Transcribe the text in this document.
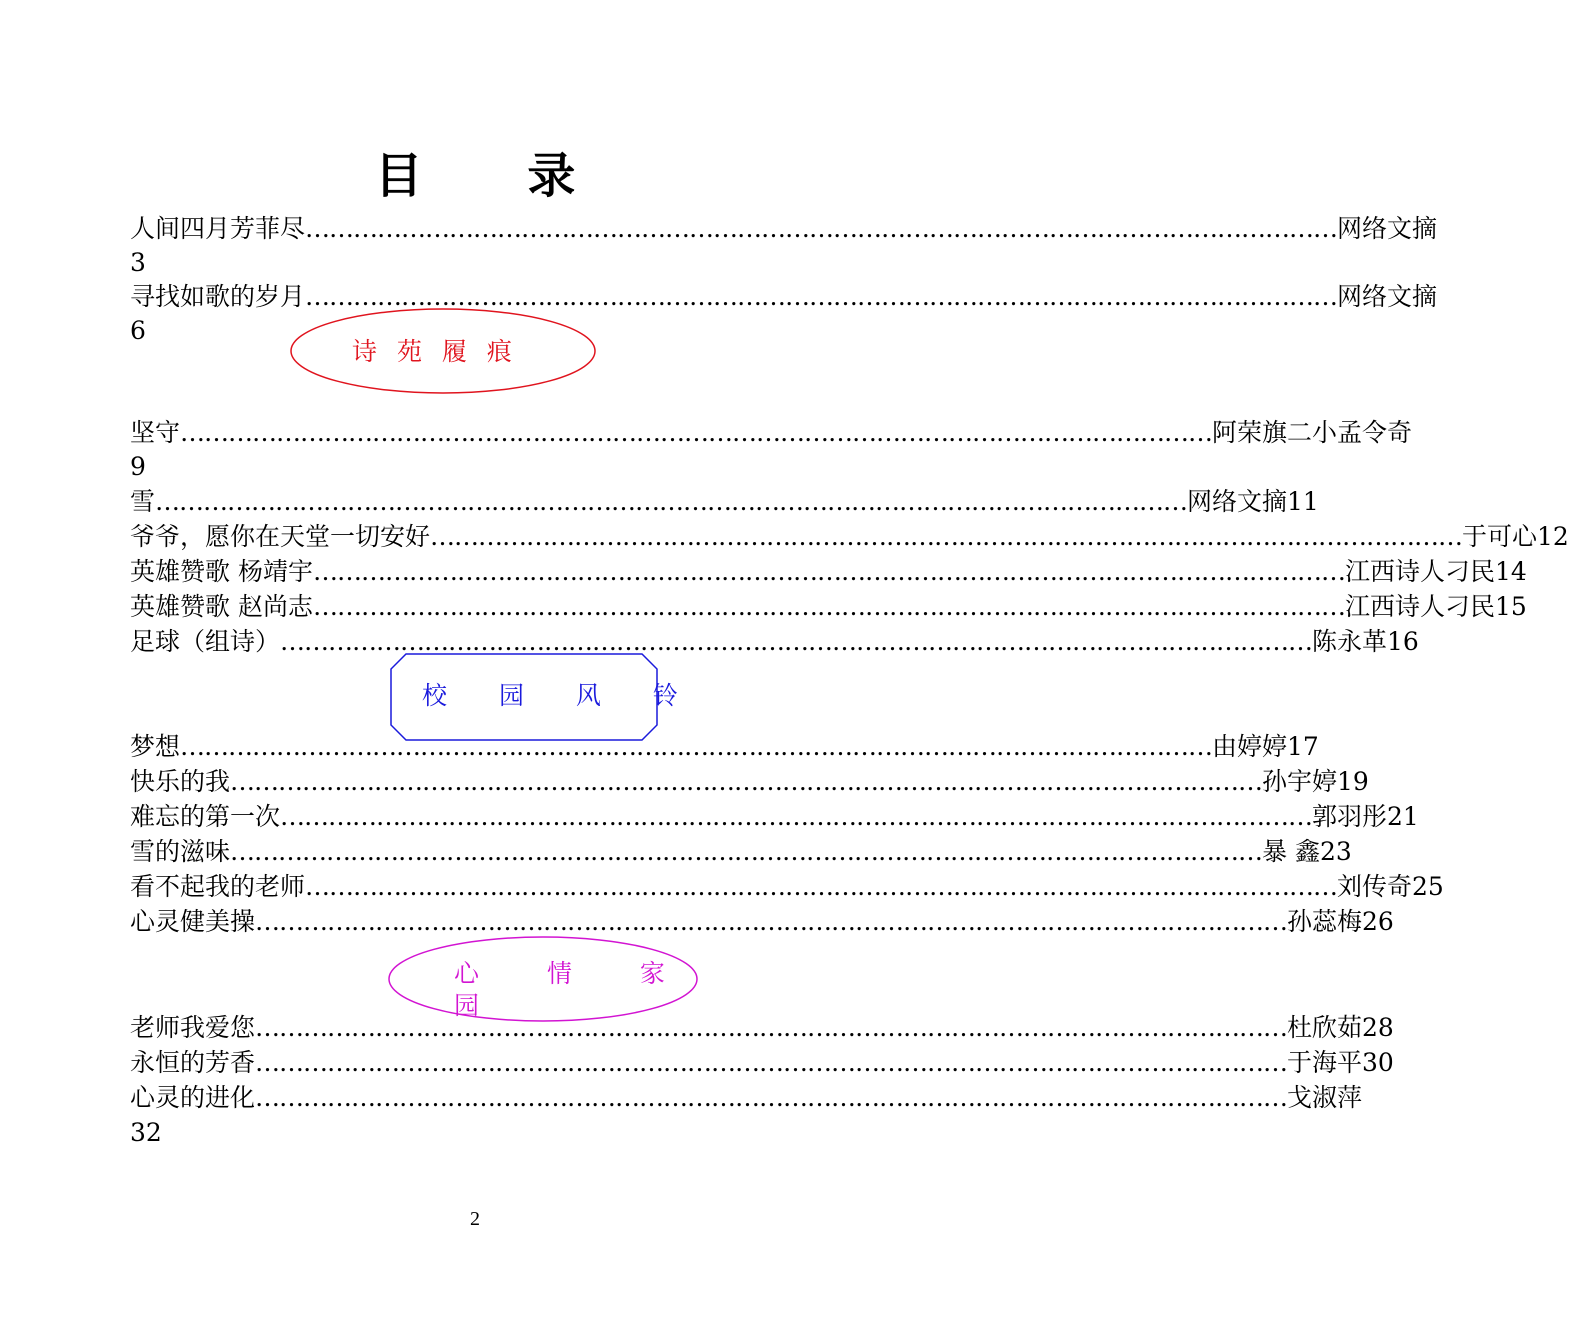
目 录
人间四月芳菲尽 ………………………………………………………………………………………………………………… 网络文摘
3
寻找如歌的岁月 ………………………………………………………………………………………………………………… 网络文摘
6
诗 苑 履 痕
坚守 ………………………………………………………………………………………………………………… 阿荣旗二小孟令奇
9
雪 ………………………………………………………………………………………………………………… 网络文摘 11
爷爷，愿你在天堂一切安好 ………………………………………………………………………………………………………………… 于可心 12
英雄赞歌 杨靖宇 ………………………………………………………………………………………………………………… 江西诗人刁民 14
英雄赞歌 赵尚志 ………………………………………………………………………………………………………………… 江西诗人刁民 15
足球（组诗） ………………………………………………………………………………………………………………… 陈永革 16
校 园 风 铃
梦想 ………………………………………………………………………………………………………………… 由婷婷 17
快乐的我 ………………………………………………………………………………………………………………… 孙宇婷 19
难忘的第一次 ………………………………………………………………………………………………………………… 郭羽彤 21
雪的滋味 ………………………………………………………………………………………………………………… 暴 鑫 23
看不起我的老师 ………………………………………………………………………………………………………………… 刘传奇 25
心灵健美操 ………………………………………………………………………………………………………………… 孙蕊梅 26
心 情 家
园
老师我爱您 ………………………………………………………………………………………………………………… 杜欣茹 28
永恒的芳香 ………………………………………………………………………………………………………………… 于海平 30
心灵的进化 ………………………………………………………………………………………………………………… 戈淑萍
32
2
